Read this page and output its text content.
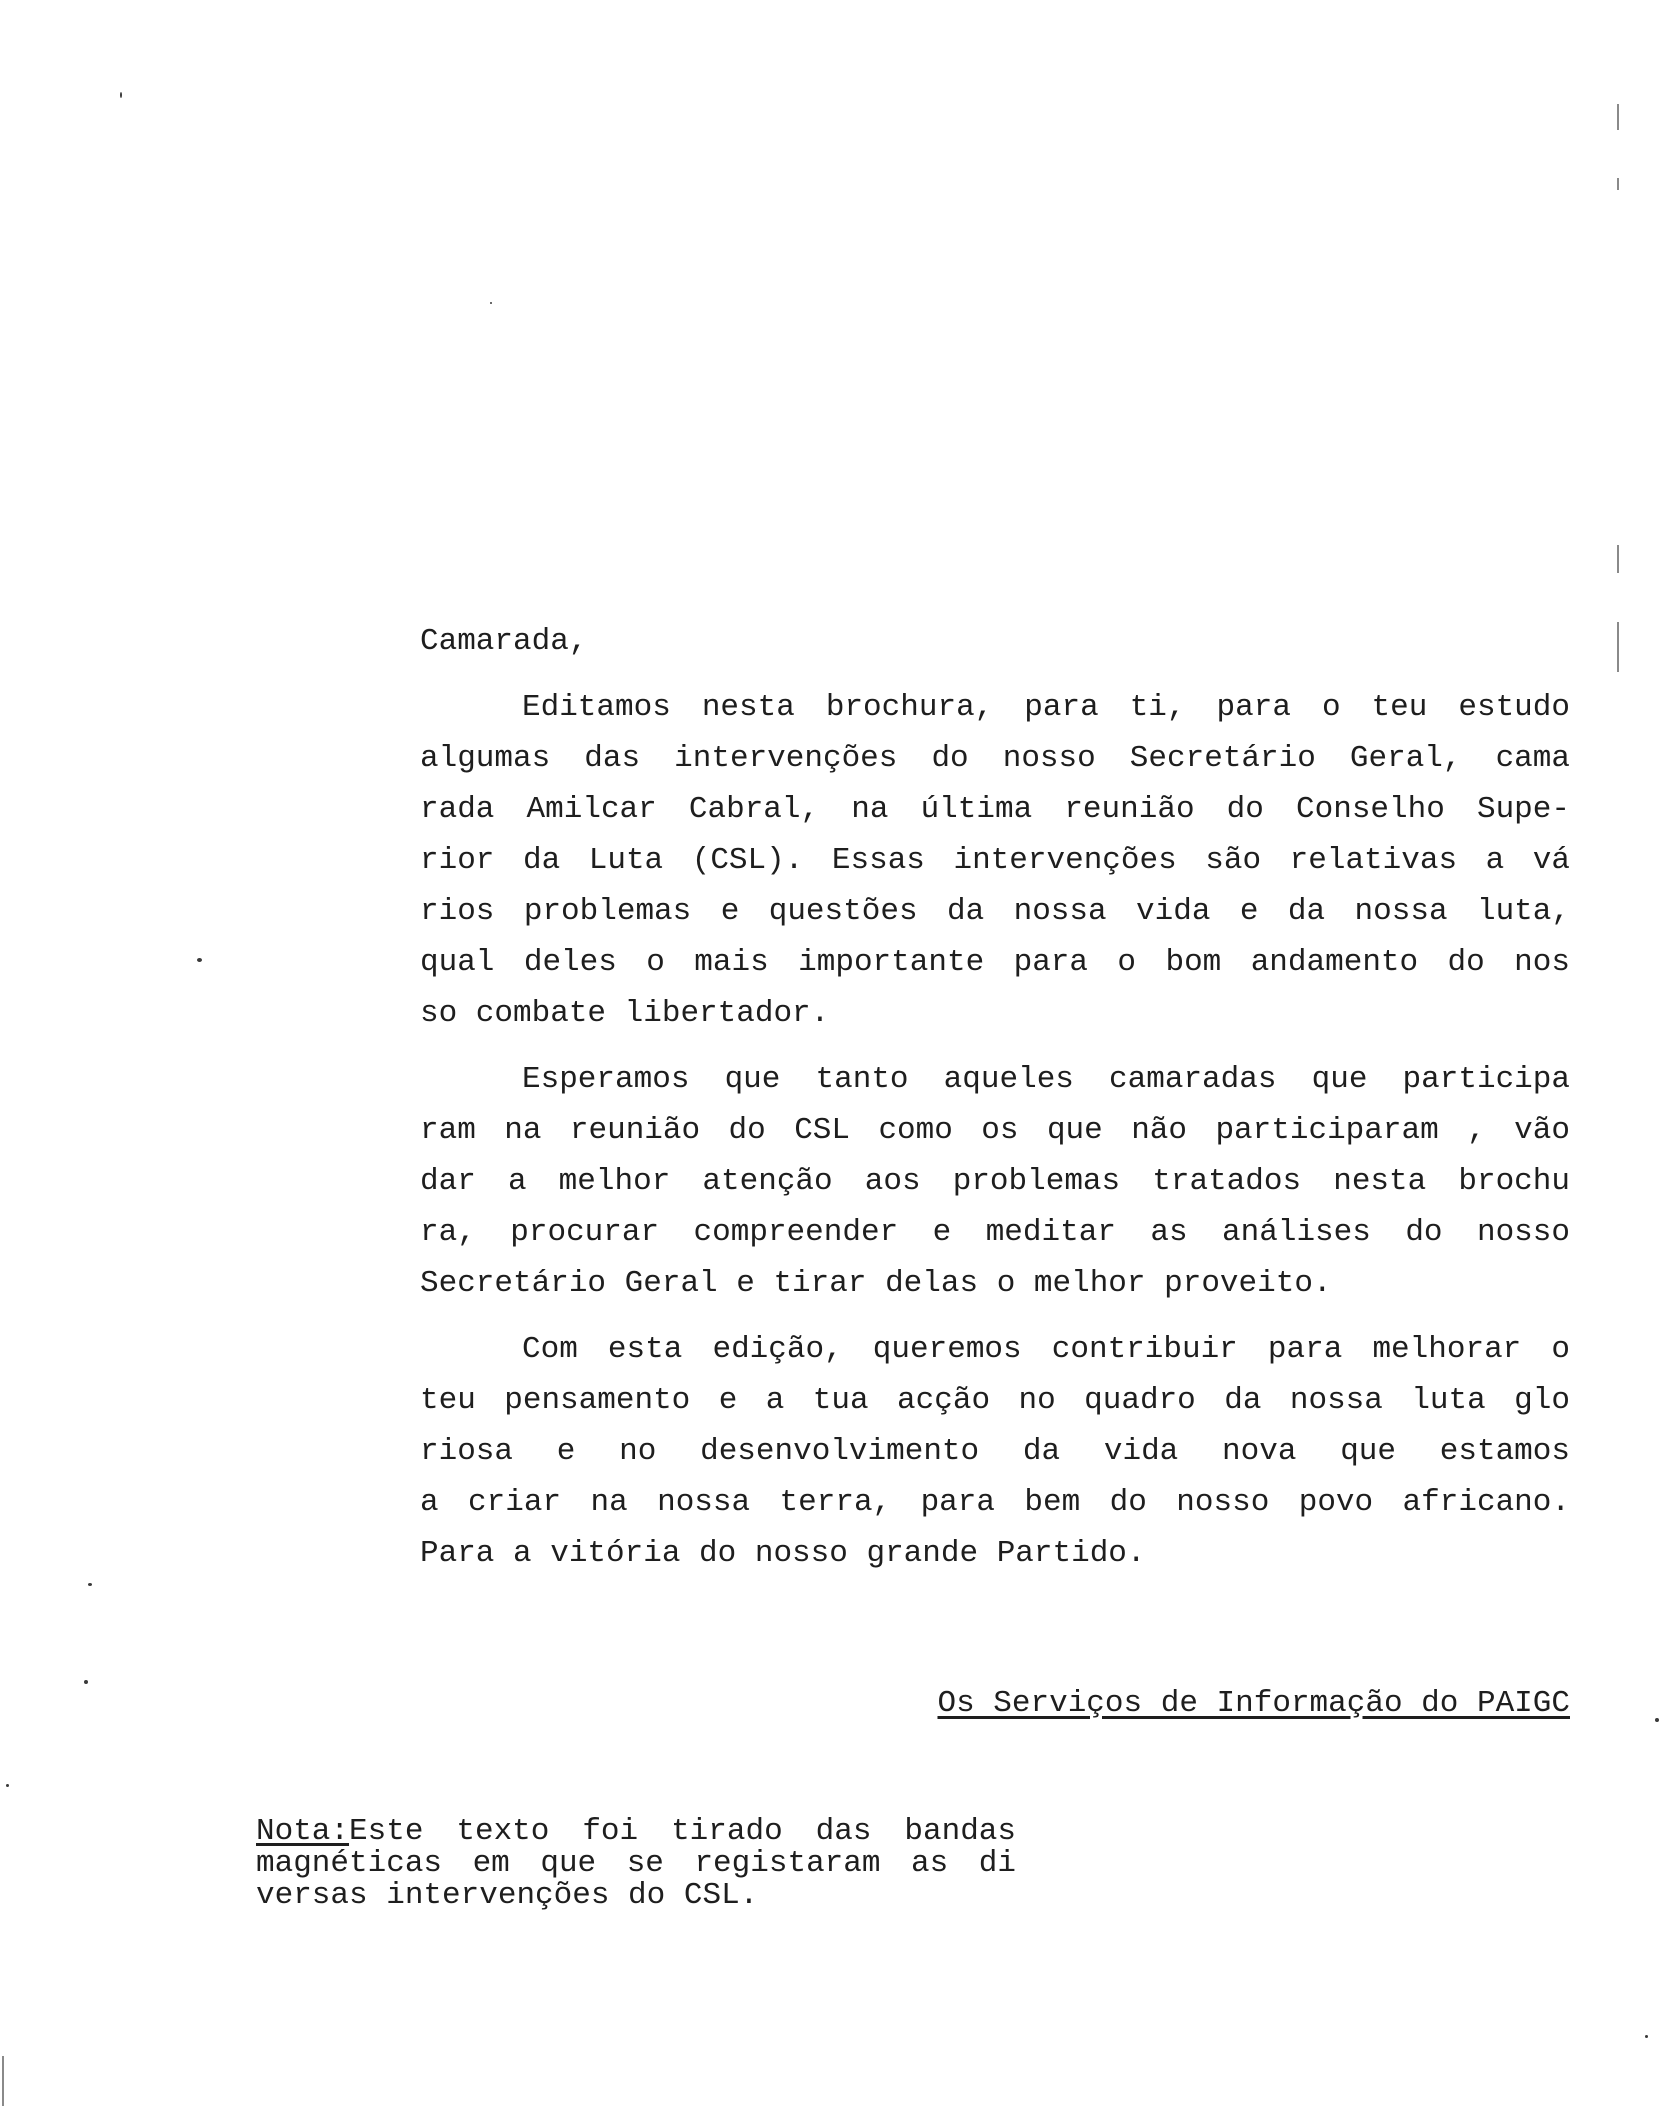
Camarada,
Editamos nesta brochura, para ti, para o teu estudo
algumas das intervenções do nosso Secretário Geral, cama
rada Amilcar Cabral, na última reunião do Conselho Supe-
rior da Luta (CSL). Essas intervenções são relativas a vá
rios problemas e questões da nossa vida e da nossa luta,
qual deles o mais importante para o bom andamento do nos
so combate libertador.
Esperamos que tanto aqueles camaradas que participa
ram na reunião do CSL como os que não participaram , vão
dar a melhor atenção aos problemas tratados nesta brochu
ra, procurar compreender e meditar as análises do nosso
Secretário Geral e tirar delas o melhor proveito.
Com esta edição, queremos contribuir para melhorar o
teu pensamento e a tua acção no quadro da nossa luta glo
riosa e no desenvolvimento da vida nova que estamos
a criar na nossa terra, para bem do nosso povo africano.
Para a vitória do nosso grande Partido.
Os Serviços de Informação do PAIGC
Nota:Este texto foi tirado das bandas
magnéticas em que se registaram as di
versas intervenções do CSL.
